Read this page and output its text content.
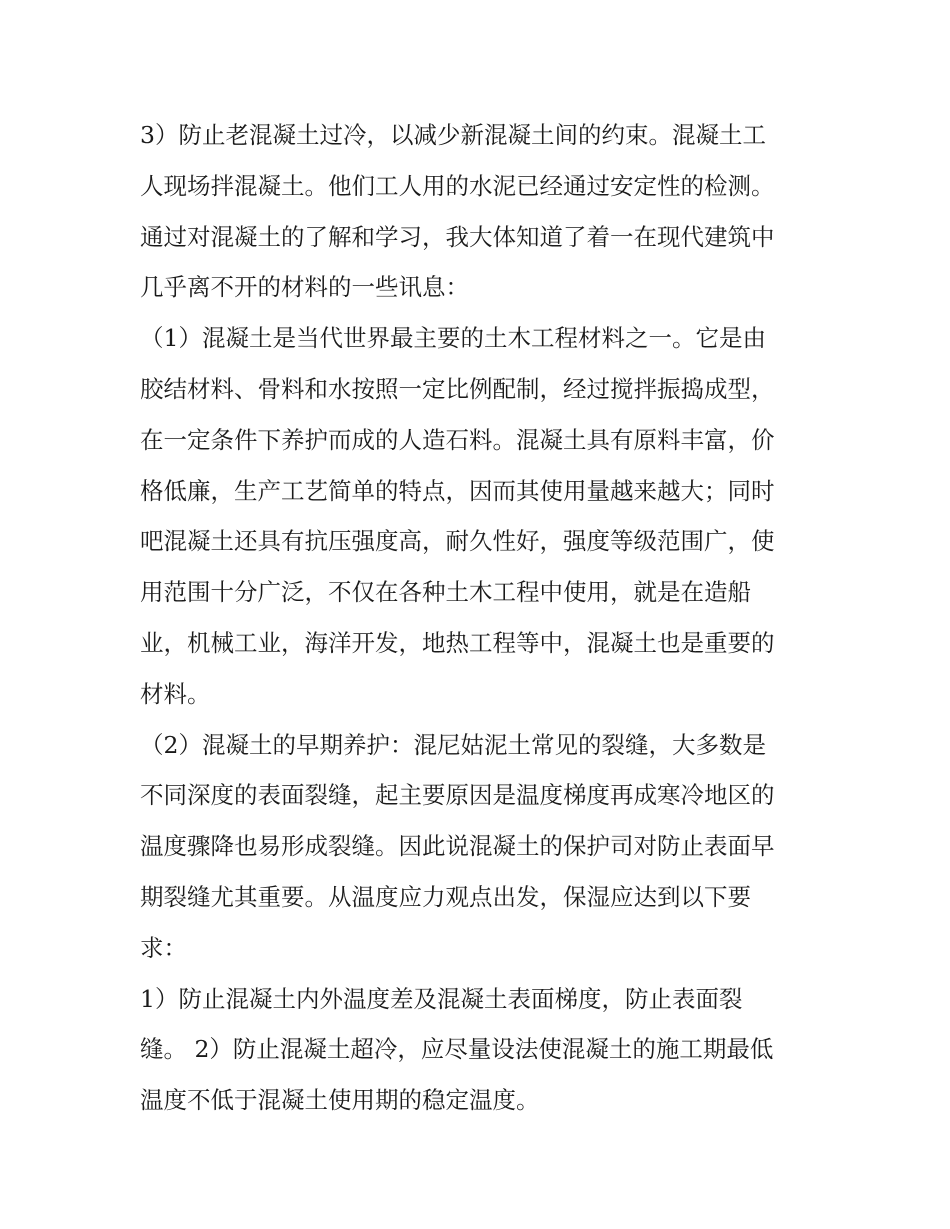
3）防止老混凝土过冷，以减少新混凝土间的约束。混凝土工
人现场拌混凝土。他们工人用的水泥已经通过安定性的检测。
通过对混凝土的了解和学习，我大体知道了着一在现代建筑中
几乎离不开的材料的一些讯息：
（1）混凝土是当代世界最主要的土木工程材料之一。它是由
胶结材料、骨料和水按照一定比例配制，经过搅拌振捣成型，
在一定条件下养护而成的人造石料。混凝土具有原料丰富，价
格低廉，生产工艺简单的特点，因而其使用量越来越大；同时
吧混凝土还具有抗压强度高，耐久性好，强度等级范围广，使
用范围十分广泛，不仅在各种土木工程中使用，就是在造船
业，机械工业，海洋开发，地热工程等中，混凝土也是重要的
材料。
（2）混凝土的早期养护：混尼姑泥土常见的裂缝，大多数是
不同深度的表面裂缝，起主要原因是温度梯度再成寒冷地区的
温度骤降也易形成裂缝。因此说混凝土的保护司对防止表面早
期裂缝尤其重要。从温度应力观点出发，保湿应达到以下要
求：
1）防止混凝土内外温度差及混凝土表面梯度，防止表面裂
缝。 2）防止混凝土超冷，应尽量设法使混凝土的施工期最低
温度不低于混凝土使用期的稳定温度。
